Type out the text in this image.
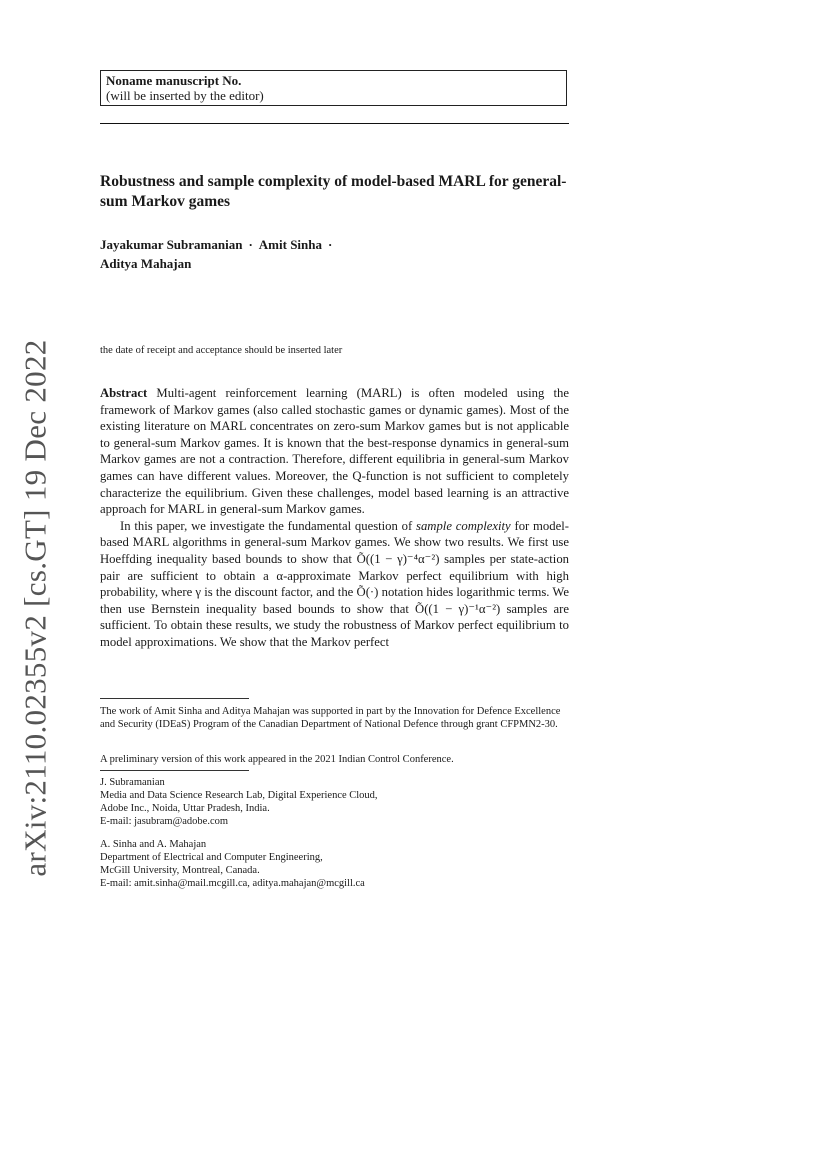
arXiv:2110.02355v2 [cs.GT] 19 Dec 2022
Noname manuscript No.
(will be inserted by the editor)
Robustness and sample complexity of model-based MARL for general-sum Markov games
Jayakumar Subramanian · Amit Sinha ·
Aditya Mahajan
the date of receipt and acceptance should be inserted later

Abstract Multi-agent reinforcement learning (MARL) is often modeled using the framework of Markov games (also called stochastic games or dynamic games). Most of the existing literature on MARL concentrates on zero-sum Markov games but is not applicable to general-sum Markov games. It is known that the best-response dynamics in general-sum Markov games are not a contraction. Therefore, different equilibria in general-sum Markov games can have different values. Moreover, the Q-function is not sufficient to completely characterize the equilibrium. Given these challenges, model based learning is an attractive approach for MARL in general-sum Markov games.

In this paper, we investigate the fundamental question of sample complexity for model-based MARL algorithms in general-sum Markov games. We show two results. We first use Hoeffding inequality based bounds to show that Õ((1 − γ)⁻⁴α⁻²) samples per state-action pair are sufficient to obtain a α-approximate Markov perfect equilibrium with high probability, where γ is the discount factor, and the Õ(·) notation hides logarithmic terms. We then use Bernstein inequality based bounds to show that Õ((1 − γ)⁻¹α⁻²) samples are sufficient. To obtain these results, we study the robustness of Markov perfect equilibrium to model approximations. We show that the Markov perfect

The work of Amit Sinha and Aditya Mahajan was supported in part by the Innovation for Defence Excellence and Security (IDEaS) Program of the Canadian Department of National Defence through grant CFPMN2-30.

A preliminary version of this work appeared in the 2021 Indian Control Conference.

J. Subramanian

Media and Data Science Research Lab, Digital Experience Cloud,

Adobe Inc., Noida, Uttar Pradesh, India.

E-mail: jasubram@adobe.com

A. Sinha and A. Mahajan

Department of Electrical and Computer Engineering,

McGill University, Montreal, Canada.

E-mail: amit.sinha@mail.mcgill.ca, aditya.mahajan@mcgill.ca
